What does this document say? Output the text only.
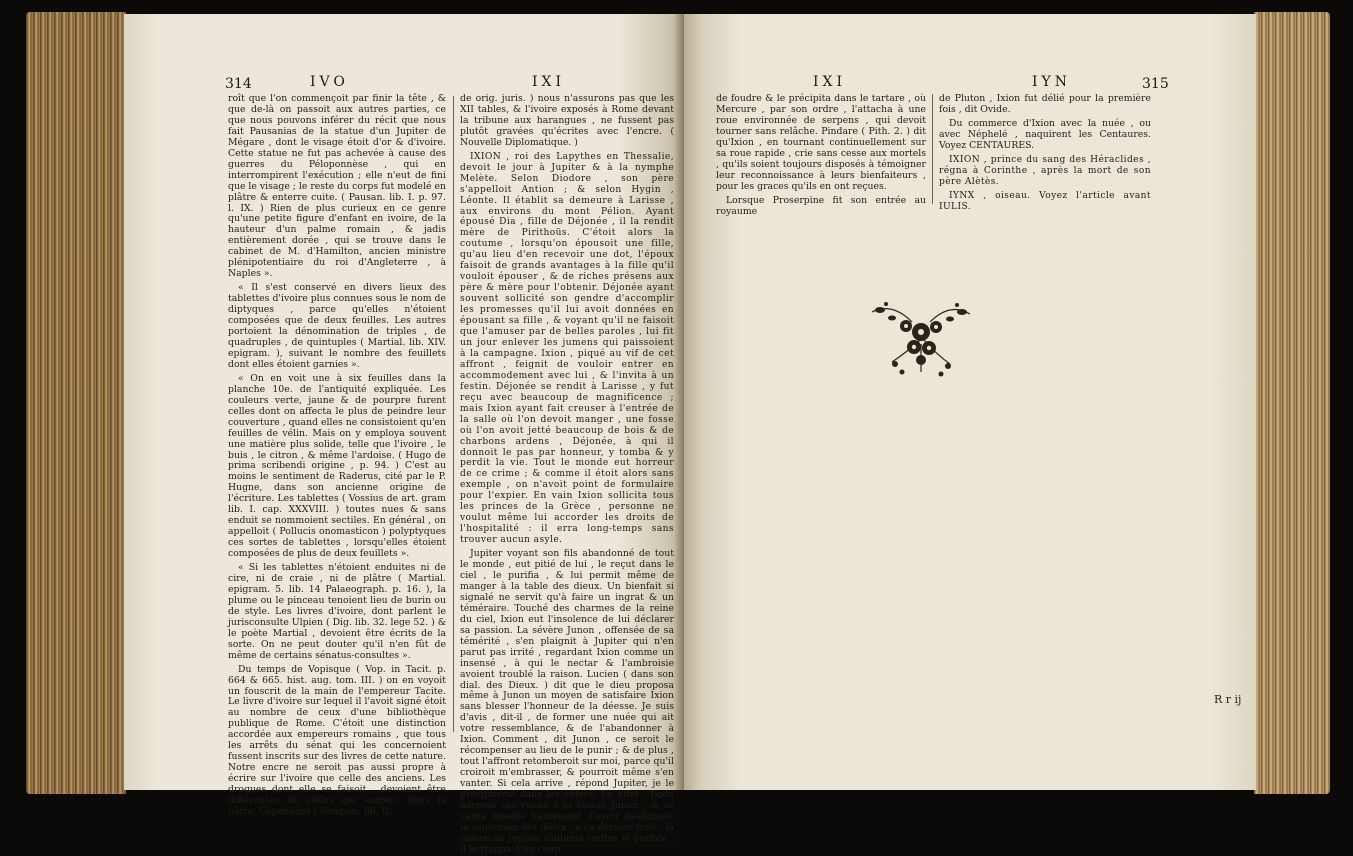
314	IVO	IXI

roît que l'on commençoit par finir la tête , & que de-là on passoit aux autres parties, ce que nous pouvons inférer du récit que nous fait Pausanias de la statue d'un Jupiter de Mégare , dont le visage étoit d'or & d'ivoire. Cette statue ne fut pas achevée à cause des guerres du Péloponnèse , qui en interrompirent l'exécution ; elle n'eut de fini que le visage ; le reste du corps fut modelé en plâtre & enterre cuite. ( Pausan. lib. I. p. 97. l. IX. ) Rien de plus curieux en ce genre qu'une petite figure d'enfant en ivoire, de la hauteur d'un palme romain , & jadis entièrement dorée , qui se trouve dans le cabinet de M. d'Hamilton, ancien ministre plénipotentiaire du roi d'Angleterre , à Naples ».

« Il s'est conservé en divers lieux des tablettes d'ivoire plus connues sous le nom de diptyques , parce qu'elles n'étoient composées que de deux feuilles. Les autres portoient la dénomination de triples , de quadruples , de quintuples ( Martial. lib. XIV. epigram. ), suivant le nombre des feuillets dont elles étoient garnies ».

« On en voit une à six feuilles dans la planche 10e. de l'antiquité expliquée. Les couleurs verte, jaune & de pourpre furent celles dont on affecta le plus de peindre leur couverture , quand elles ne consistoient qu'en feuilles de vélin. Mais on y employa souvent une matière plus solide, telle que l'ivoire , le buis , le citron , & même l'ardoise. ( Hugo de prima scribendi origine , p. 94. ) C'est au moins le sentiment de Raderus, cité par le P. Hugne, dans son ancienne origine de l'écriture. Les tablettes ( Vossius de art. gram lib. I. cap. XXXVIII. ) toutes nues & sans enduit se nommoient sectiles. En général , on appelloit ( Pollucis onomasticon ) polyptyques ces sortes de tablettes , lorsqu'elles étoient composées de plus de deux feuillets ».

« Si les tablettes n'étoient enduites ni de cire, ni de craie , ni de plâtre ( Martial. epigram. 5. lib. 14 Palaeograph. p. 16. ), la plume ou le pinceau tenoient lieu de burin ou de style. Les livres d'ivoire, dont parlent le jurisconsulte Ulpien ( Dig. lib. 32. lege 52. ) & le poète Martial , devoient être écrits de la sorte. On ne peut douter qu'il n'en fût de même de certains sénatus-consultes ».

Du temps de Vopisque ( Vop. in Tacit. p. 664 & 665. hist. aug. tom. III. ) on en voyoit un fouscrit de la main de l'empereur Tacite. Le livre d'ivoire sur lequel il l'avoit signé étoit au nombre de ceux d'une bibliothèque publique de Rome. C'étoit une distinction accordée aux empereurs romains , que tous les arrêts du sénat qui les concernoient fussent inscrits sur des livres de cette nature. Notre encre ne seroit pas aussi propre à écrire sur l'ivoire que celle des anciens. Les drogues dont elle se faisoit , devoient être différentes de celles qui entrent dans la nôtre. Cependant ( Pompon. lib. II.

de orig. juris. ) nous n'assurons pas que les XII tables, & l'ivoire exposés à Rome devant la tribune aux harangues , ne fussent pas plutôt gravées qu'écrites avec l'encre. ( Nouvelle Diplomatique. )

IXION , roi des Lapythes en Thessalie, devoit le jour à Jupiter & à la nymphe Melète. Selon Diodore , son père s'appelloit Antion ; & selon Hygin , Léonte. Il établit sa demeure à Larisse , aux environs du mont Pélion. Ayant épousé Dia , fille de Déjonée , il la rendit mère de Pirithoüs. C'étoit alors la coutume , lorsqu'on épousoit une fille, qu'au lieu d'en recevoir une dot, l'époux faisoit de grands avantages à la fille qu'il vouloit épouser , & de riches présens aux père & mère pour l'obtenir. Déjonée ayant souvent sollicité son gendre d'accomplir les promesses qu'il lui avoit données en épousant sa fille , & voyant qu'il ne faisoit que l'amuser par de belles paroles , lui fit un jour enlever les jumens qui paissoient à la campagne. Ixion , piqué au vif de cet affront , feignit de vouloir entrer en accommodement avec lui , & l'invita à un festin. Déjonée se rendit à Larisse , y fut reçu avec beaucoup de magnificence ; mais Ixion ayant fait creuser à l'entrée de la salle où l'on devoit manger , une fosse où l'on avoit jetté beaucoup de bois & de charbons ardens , Déjonée, à qui il donnoit le pas par honneur, y tomba & y perdit la vie. Tout le monde eut horreur de ce crime ; & comme il étoit alors sans exemple , on n'avoit point de formulaire pour l'expier. En vain Ixion sollicita tous les princes de la Grèce , personne ne voulut même lui accorder les droits de l'hospitalité : il erra long-temps sans trouver aucun asyle.

Jupiter voyant son fils abandonné de tout le monde , eut pitié de lui , le reçut dans le ciel , le purifia , & lui permit même de manger à la table des dieux. Un bienfait si signalé ne servit qu'à faire un ingrat & un téméraire. Touché des charmes de la reine du ciel, Ixion eut l'insolence de lui déclarer sa passion. La sévère Junon , offensée de sa témérité , s'en plaignit à Jupiter qui n'en parut pas irrité , regardant Ixion comme un insensé , à qui le nectar & l'ambroisie avoient troublé la raison. Lucien ( dans son dial. des Dieux. ) dit que le dieu proposa même à Junon un moyen de satisfaire Ixion sans blesser l'honneur de la déesse. Je suis d'avis , dit-il , de former une nuée qui ait votre ressemblance, & de l'abandonner à Ixion. Comment , dit Junon , ce seroit le récompenser au lieu de le punir ; & de plus , tout l'affront retomberoit sur moi, parce qu'il croiroit m'embrasser, & pourroit même s'en vanter. Si cela arrive , répond Jupiter, je le précipiterai dans les enfers. En effet , Ixion adressa ses voeux à la fausse Junon , & se vanta ensuite hautement d'avoir déshonoré le souverain des dieux ; à ce dernier trait , la colère de Jupiter s'alluma contre le perfide ; il le frappa d'un coup

IXI	IYN	315

de foudre & le précipita dans le tartare , où Mercure , par son ordre , l'attacha à une roue environnée de serpens , qui devoit tourner sans relâche. Pindare ( Pith. 2. ) dit qu'Ixion , en tournant continuellement sur sa roue rapide , crie sans cesse aux mortels , qu'ils soient toujours disposés à témoigner leur reconnoissance à leurs bienfaiteurs , pour les graces qu'ils en ont reçues.

Lorsque Proserpine fit son entrée au royaume

de Pluton , Ixion fut délié pour la première fois , dit Ovide.

Du commerce d'Ixion avec la nuée , ou avec Néphelé , naquirent les Centaures. Voyez CENTAURES.

IXION , prince du sang des Héraclides , régna à Corinthe , après la mort de son père Alètès.

IYNX , oiseau. Voyez l'article avant IULIS.

R r ij
